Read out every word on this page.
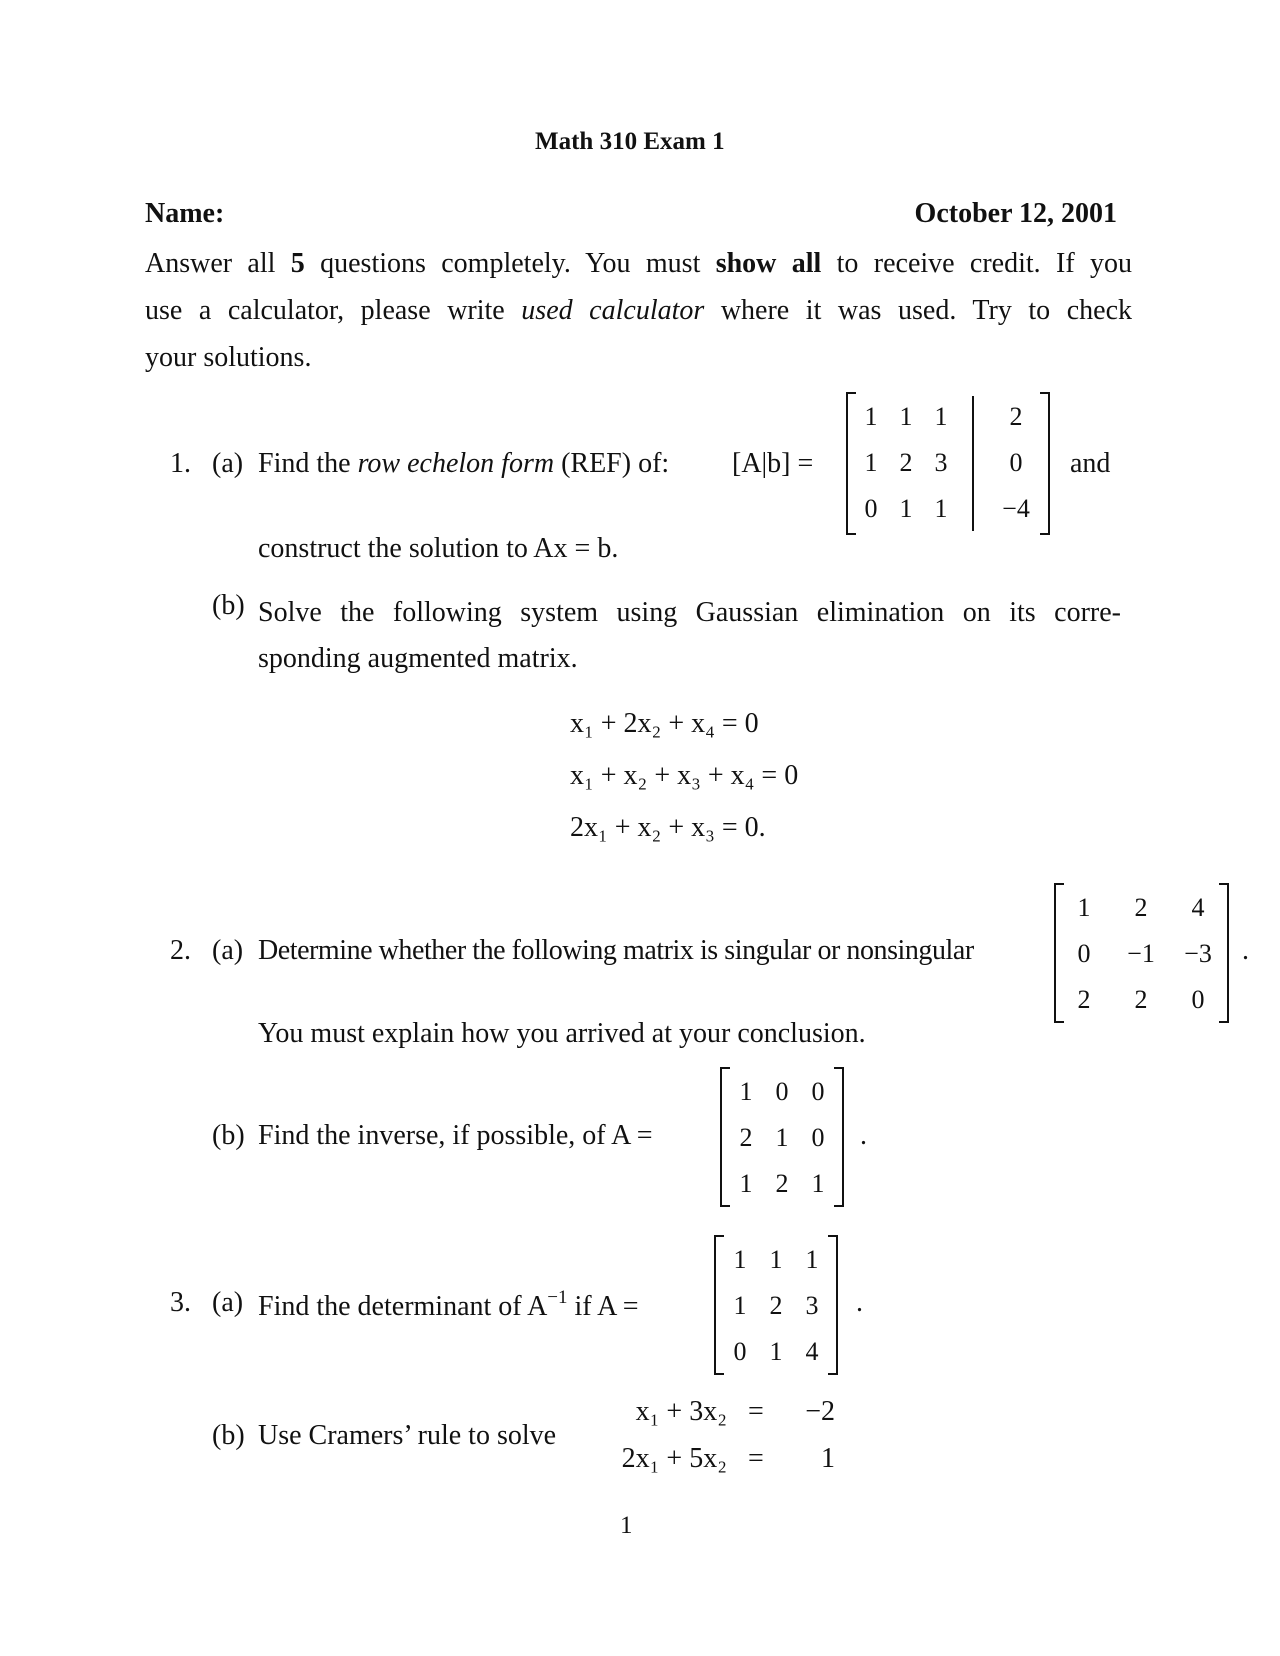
Math 310 Exam 1
Name:	October 12, 2001
Answer all 5 questions completely. You must show all to receive credit. If you
use a calculator, please write used calculator where it was used. Try to check
your solutions.
1. (a) Find the row echelon form (REF) of: [A|b] =
1 1 1	2
1 2 3	0
0 1 1	−4
and
construct the solution to Ax = b.
(b) Solve the following system using Gaussian elimination on its corre-
sponding augmented matrix.
x₁ + 2x₂ + x₄ = 0
x₁ + x₂ + x₃ + x₄ = 0
2x₁ + x₂ + x₃ = 0.
2. (a) Determine whether the following matrix is singular or nonsingular
1	2	4
0	−1 −3
2	2	0
.
You must explain how you arrived at your conclusion.
(b) Find the inverse, if possible, of A =
1 0 0
2 1 0
1 2 1
.
3. (a) Find the determinant of $A^{-1}$ if A =
1 1 1
1 2 3
0 1 4
.
(b) Use Cramers’ rule to solve
x₁ + 3x₂ =	−2
2x₁ + 5x₂ =	1
1
